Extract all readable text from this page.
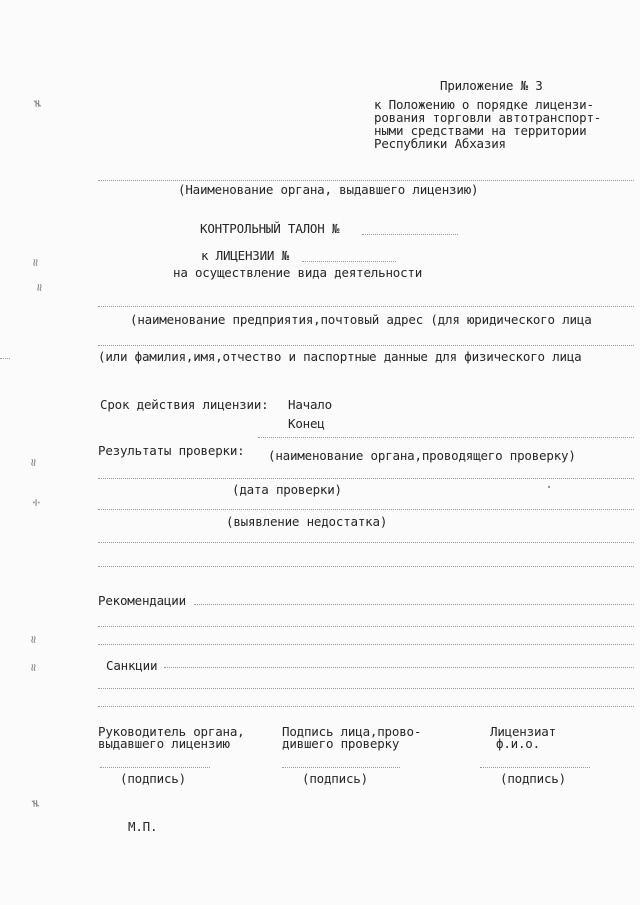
≠
≈
≈
≈
÷
≈
≈
≠
Приложение № 3
к Положению о порядке лицензи-
рования торговли автотранспорт-
ными средствами на территории
Республики Абхазия
(Наименование органа, выдавшего лицензию)
КОНТРОЛЬНЫЙ ТАЛОН №
к ЛИЦЕНЗИИ №
на осуществление вида деятельности
(наименование предприятия,почтовый адрес (для юридического лица
(или фамилия,имя,отчество и паспортные данные для физического лица
Срок действия лицензии: Начало
Конец
Результаты проверки: (наименование органа,проводящего проверку)
(дата проверки)
(выявление недостатка)
Рекомендации
Санкции
Руководитель органа,
выдавшего лицензию
Подпись лица,прово-
дившего проверку
Лицензиат
ф.и.о.
(подпись)	(подпись)	(подпись)
М.П.
